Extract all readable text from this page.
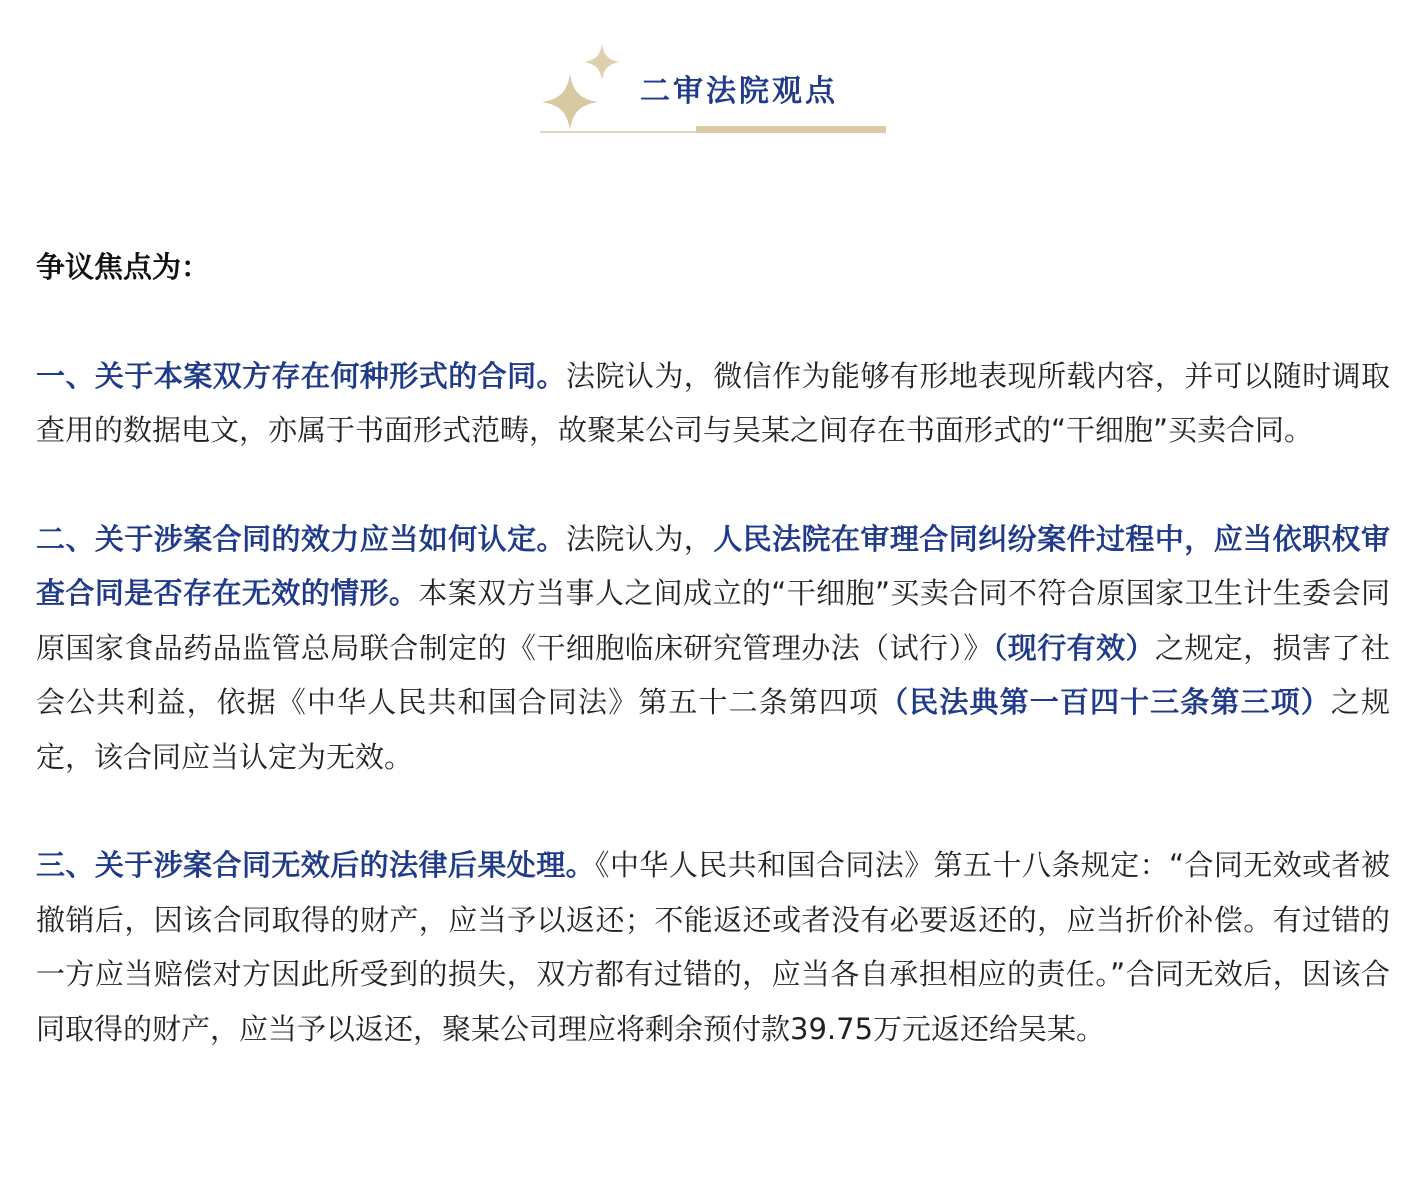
二审法院观点

争议焦点为：

一、关于本案双方存在何种形式的合同。法院认为，微信作为能够有形地表现所载内容，并可以随时调取查用的数据电文，亦属于书面形式范畴，故聚某公司与吴某之间存在书面形式的“干细胞”买卖合同。

二、关于涉案合同的效力应当如何认定。法院认为，人民法院在审理合同纠纷案件过程中，应当依职权审查合同是否存在无效的情形。本案双方当事人之间成立的“干细胞”买卖合同不符合原国家卫生计生委会同原国家食品药品监管总局联合制定的《干细胞临床研究管理办法（试行）》（现行有效）之规定，损害了社会公共利益，依据《中华人民共和国合同法》第五十二条第四项（民法典第一百四十三条第三项）之规定，该合同应当认定为无效。

三、关于涉案合同无效后的法律后果处理。《中华人民共和国合同法》第五十八条规定：“合同无效或者被撤销后，因该合同取得的财产，应当予以返还；不能返还或者没有必要返还的，应当折价补偿。有过错的一方应当赔偿对方因此所受到的损失，双方都有过错的，应当各自承担相应的责任。”合同无效后，因该合同取得的财产，应当予以返还，聚某公司理应将剩余预付款39.75万元返还给吴某。
